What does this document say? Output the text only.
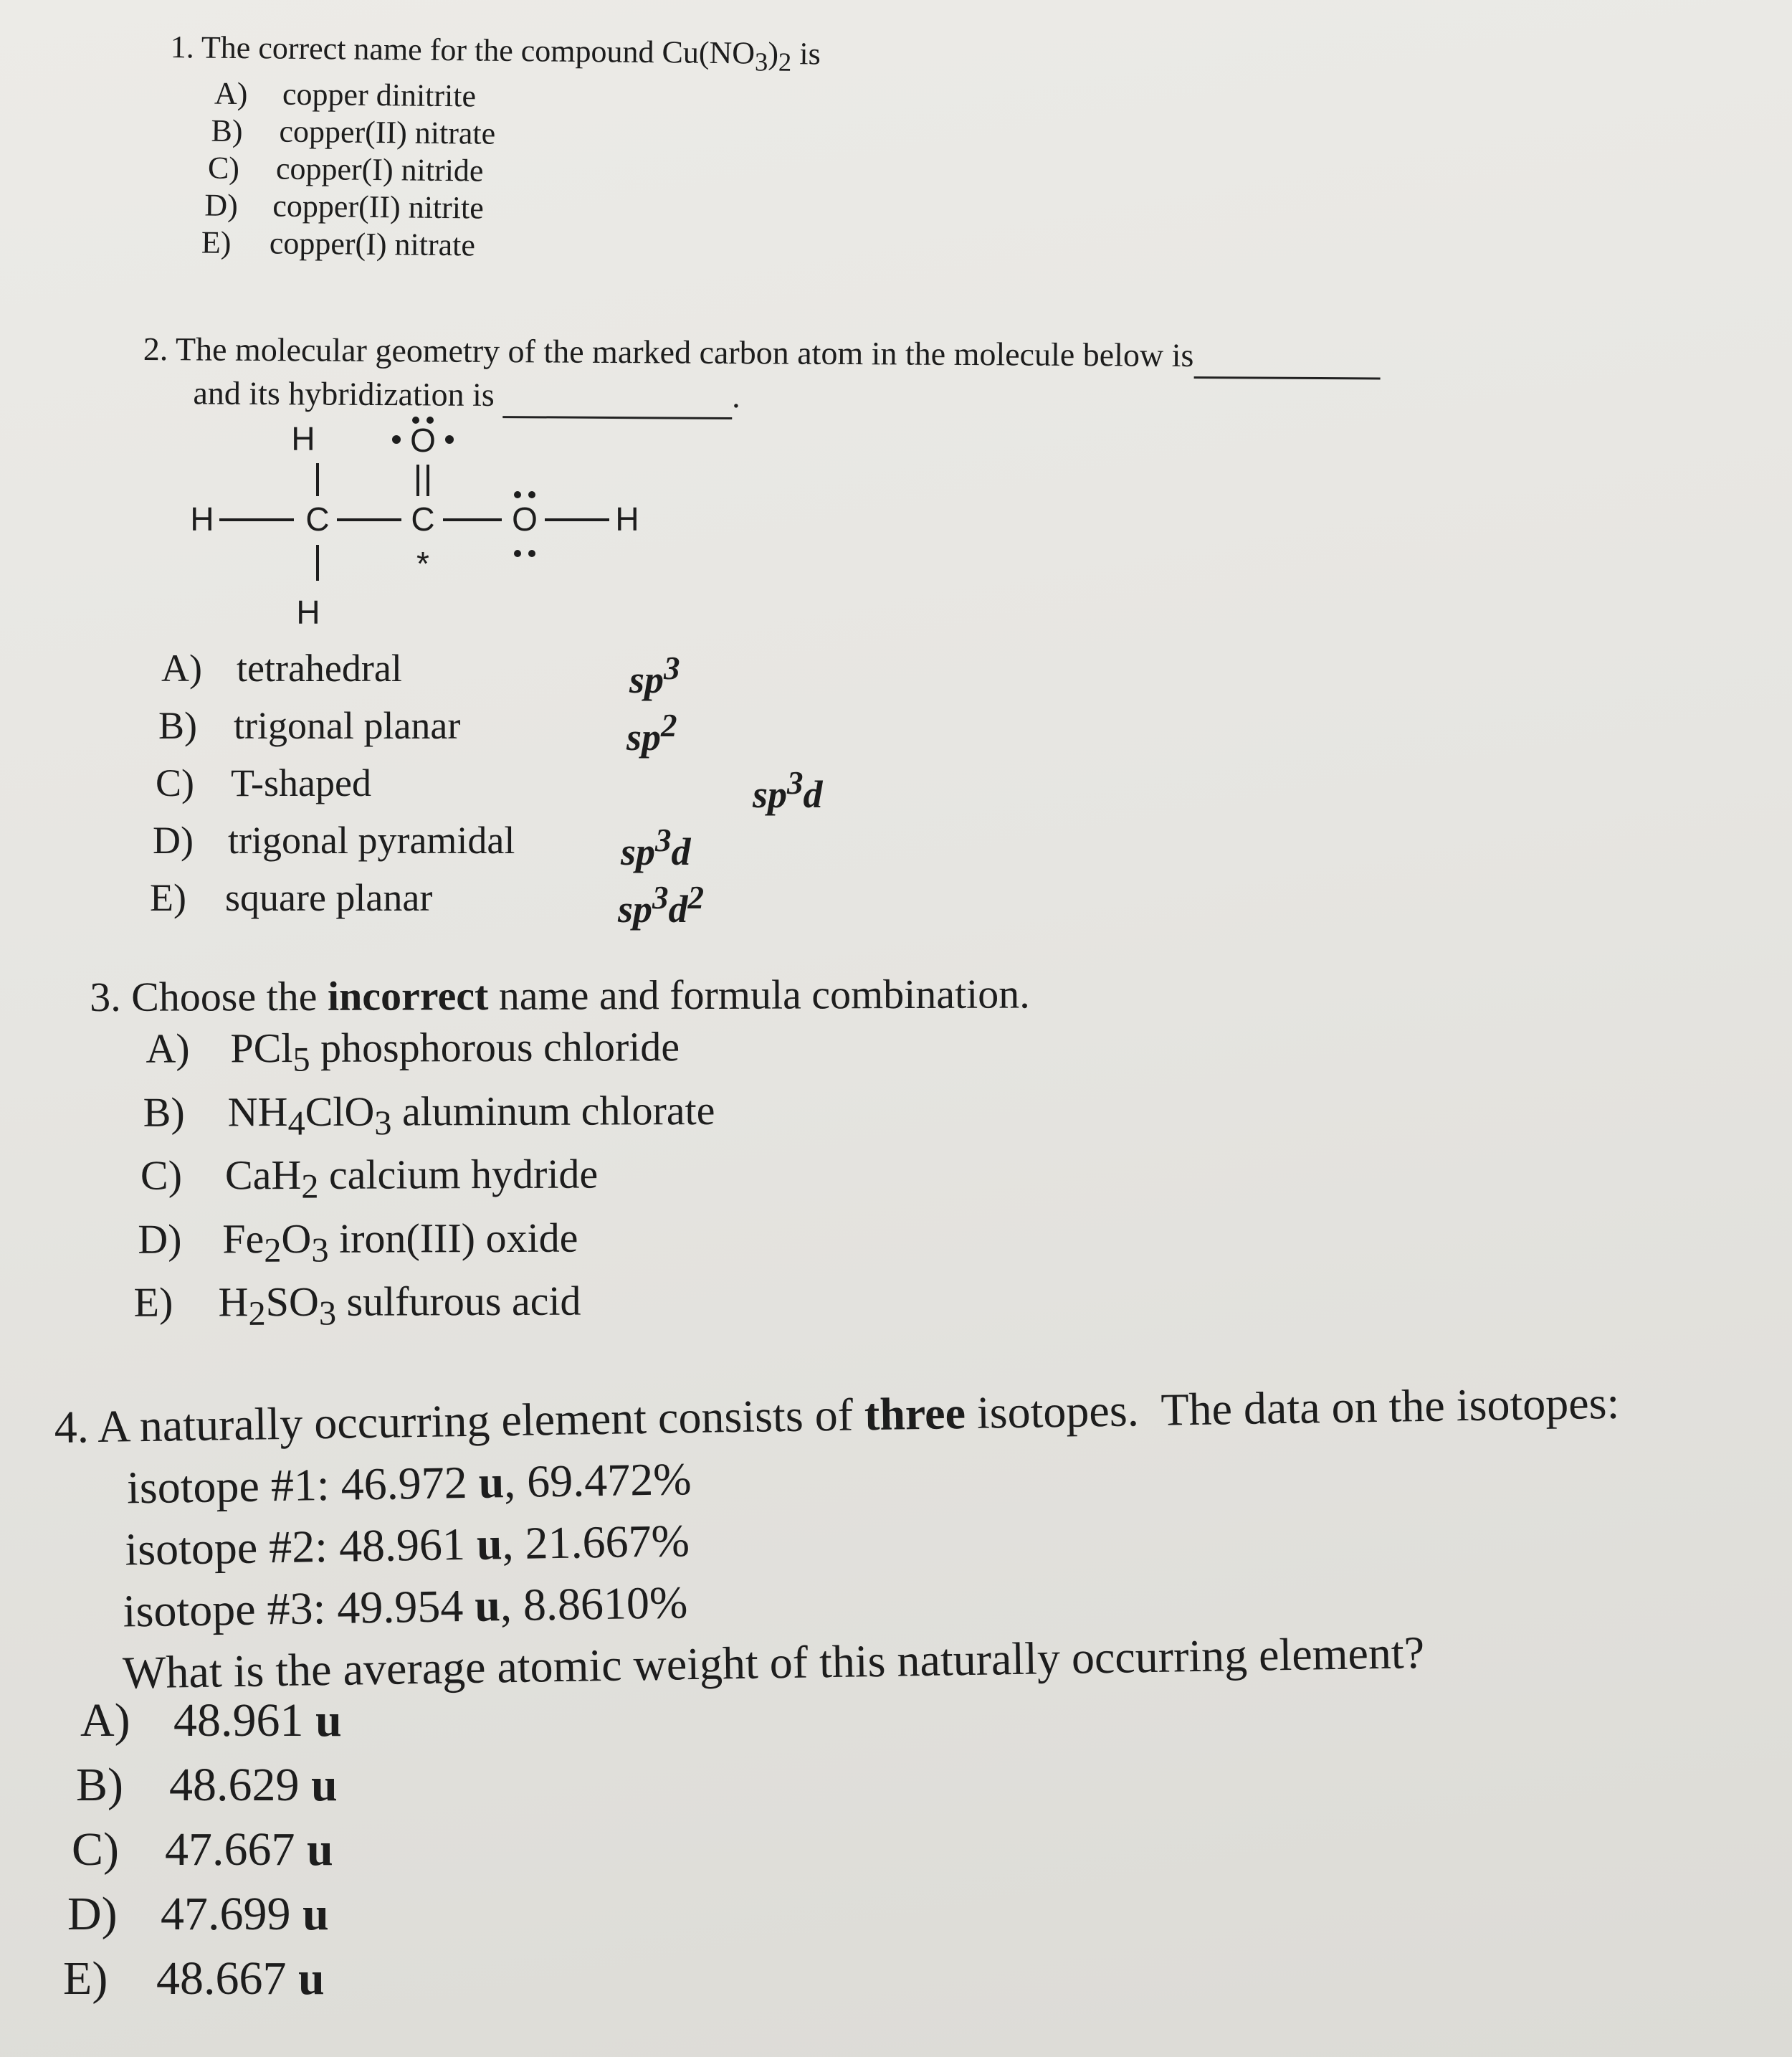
1. The correct name for the compound $Cu(NO_3)_2$ is
A)	copper dinitrite
B)	copper(II) nitrate
C)	copper(I) nitride
D)	copper(II) nitrite
E)	copper(I) nitrate
2. The molecular geometry of the marked carbon atom in the molecule below is
and its hybridization is	.
H	O
H	C C
*
O H
H
A) tetrahedral	$sp^3$
B) trigonal planar	$sp^2$
C) T-shaped	$sp^3d$
D) trigonal pyramidal	$sp^3d$
E)	square planar	$sp^3d^2$
3. Choose the incorrect name and formula combination.
A) PCl$_5$ phosphorous chloride
B)	$NH_4ClO_3$ aluminum chlorate
C)	CaH$_2$ calcium hydride
D) $Fe_2O_3$ iron(III) oxide
E)	$H_2SO_3$ sulfurous acid
4. A naturally occurring element consists of three isotopes.  The data on the isotopes:
isotope #1: 46.972 u, 69.472%
isotope #2: 48.961 u, 21.667%
isotope #3: 49.954 u, 8.8610%
What is the average atomic weight of this naturally occurring element?
A) 48.961 u
B) 48.629 u
C) 47.667 u
D) 47.699 u
E)	48.667 u
